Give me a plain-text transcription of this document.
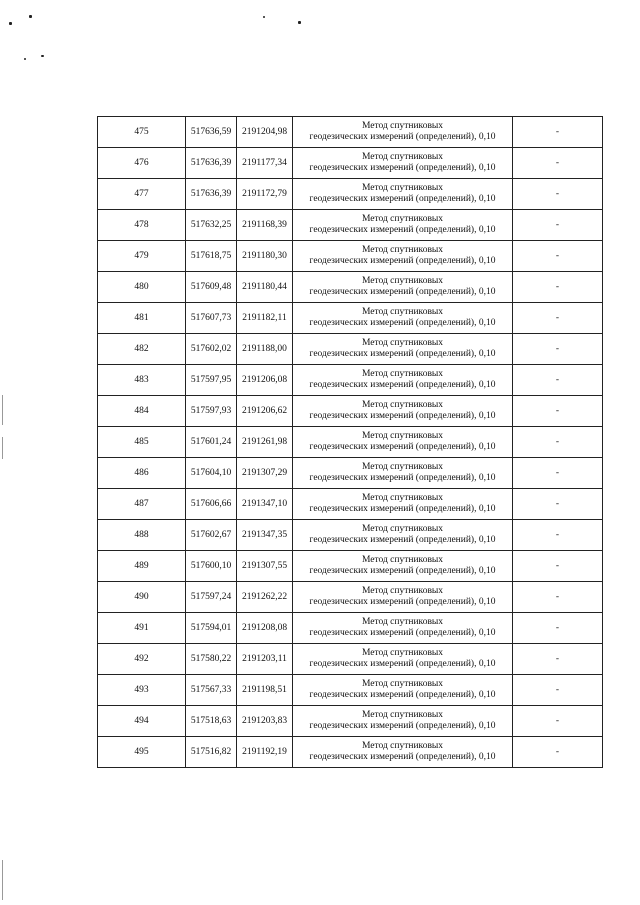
475	517636,59	2191204,98	Метод спутниковых
геодезических измерений (определений), 0,10	-
476	517636,39	2191177,34	Метод спутниковых
геодезических измерений (определений), 0,10	-
477	517636,39	2191172,79	Метод спутниковых
геодезических измерений (определений), 0,10	-
478	517632,25	2191168,39	Метод спутниковых
геодезических измерений (определений), 0,10	-
479	517618,75	2191180,30	Метод спутниковых
геодезических измерений (определений), 0,10	-
480	517609,48	2191180,44	Метод спутниковых
геодезических измерений (определений), 0,10	-
481	517607,73	2191182,11	Метод спутниковых
геодезических измерений (определений), 0,10	-
482	517602,02	2191188,00	Метод спутниковых
геодезических измерений (определений), 0,10	-
483	517597,95	2191206,08	Метод спутниковых
геодезических измерений (определений), 0,10	-
484	517597,93	2191206,62	Метод спутниковых
геодезических измерений (определений), 0,10	-
485	517601,24	2191261,98	Метод спутниковых
геодезических измерений (определений), 0,10	-
486	517604,10	2191307,29	Метод спутниковых
геодезических измерений (определений), 0,10	-
487	517606,66	2191347,10	Метод спутниковых
геодезических измерений (определений), 0,10	-
488	517602,67	2191347,35	Метод спутниковых
геодезических измерений (определений), 0,10	-
489	517600,10	2191307,55	Метод спутниковых
геодезических измерений (определений), 0,10	-
490	517597,24	2191262,22	Метод спутниковых
геодезических измерений (определений), 0,10	-
491	517594,01	2191208,08	Метод спутниковых
геодезических измерений (определений), 0,10	-
492	517580,22	2191203,11	Метод спутниковых
геодезических измерений (определений), 0,10	-
493	517567,33	2191198,51	Метод спутниковых
геодезических измерений (определений), 0,10	-
494	517518,63	2191203,83	Метод спутниковых
геодезических измерений (определений), 0,10	-
495	517516,82	2191192,19	Метод спутниковых
геодезических измерений (определений), 0,10	-
